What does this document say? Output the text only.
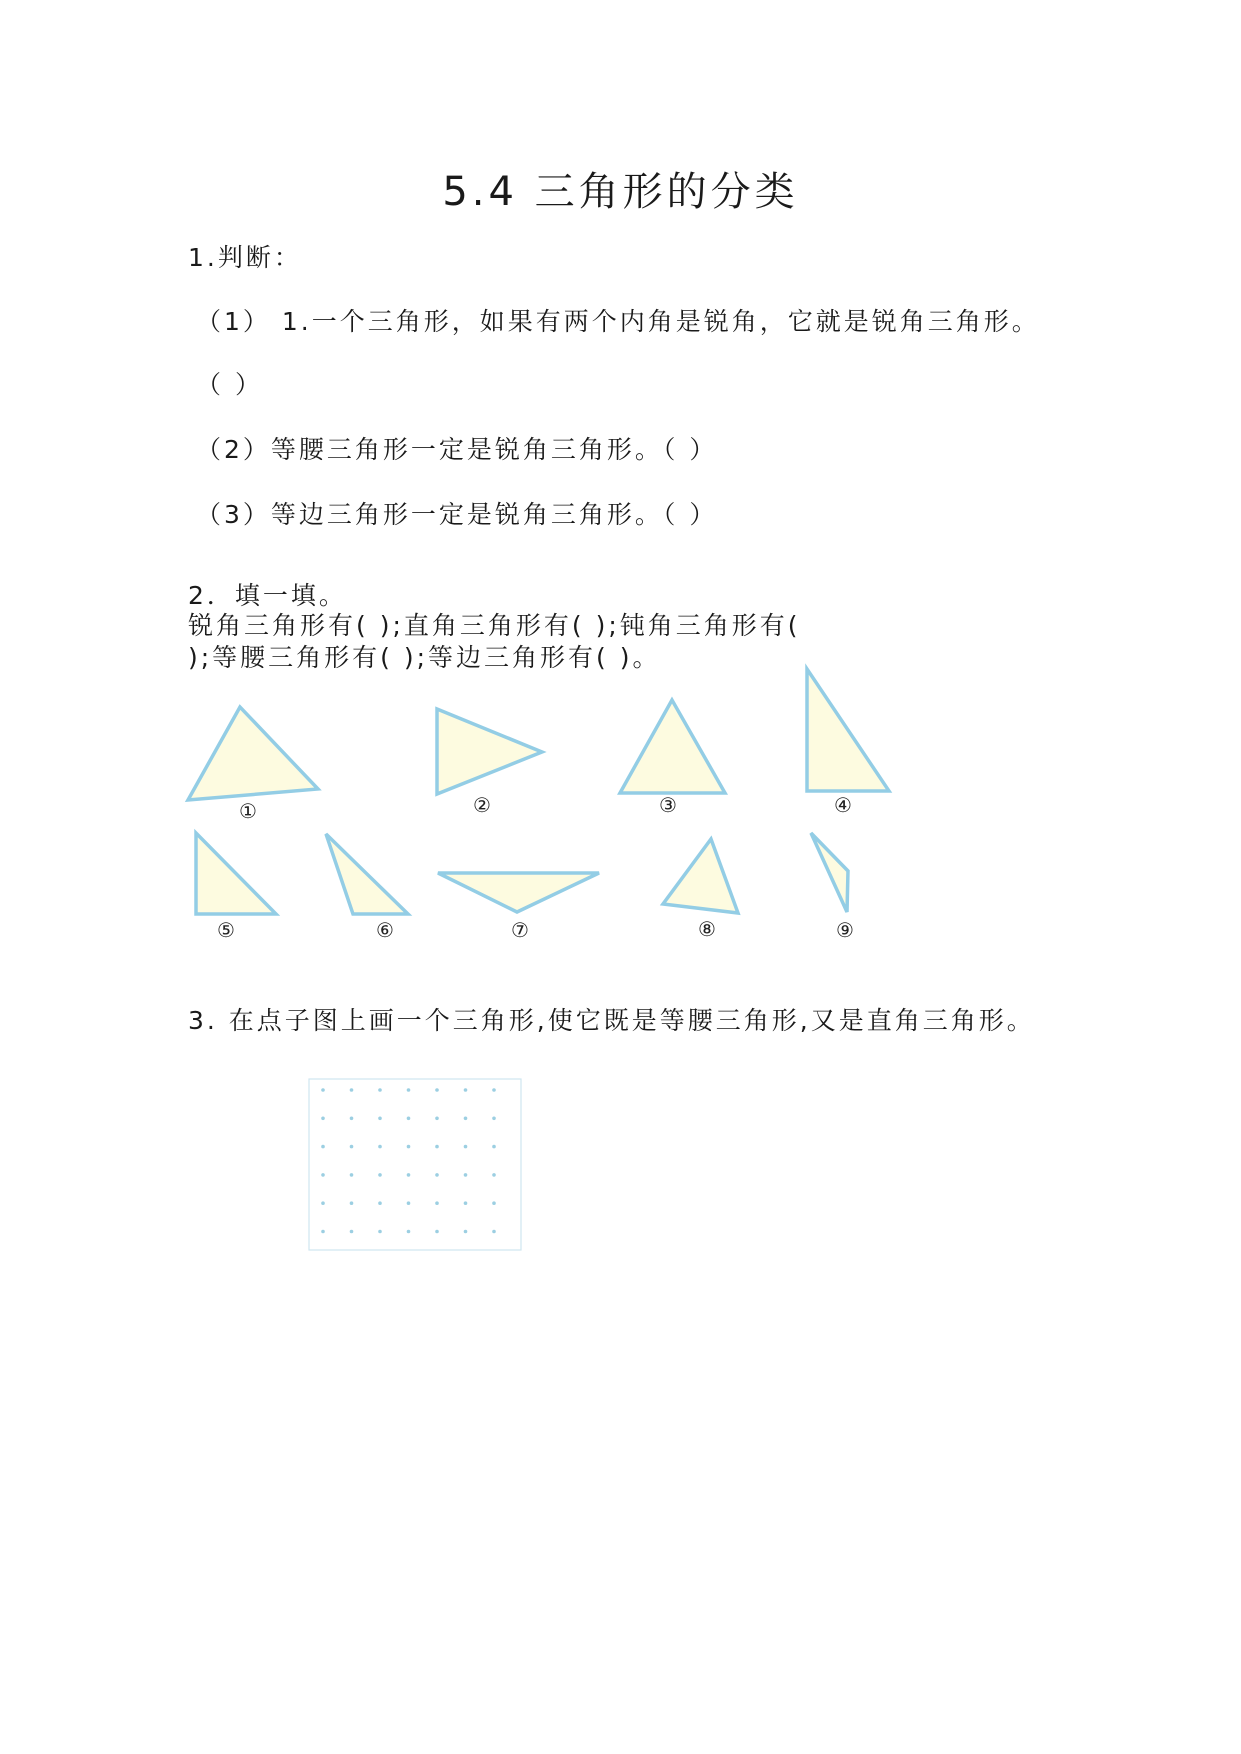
5.4 三角形的分类
1.判断：
（1） 1.一个三角形，如果有两个内角是锐角，它就是锐角三角形。
（ ）
（2）等腰三角形一定是锐角三角形。（ ）
（3）等边三角形一定是锐角三角形。（ ）
2．填一填。
锐角三角形有( );直角三角形有( );钝角三角形有(
);等腰三角形有( );等边三角形有( )。
①	②	③	④
⑤	⑥	⑦	⑧	⑨
3. 在点子图上画一个三角形,使它既是等腰三角形,又是直角三角形。
